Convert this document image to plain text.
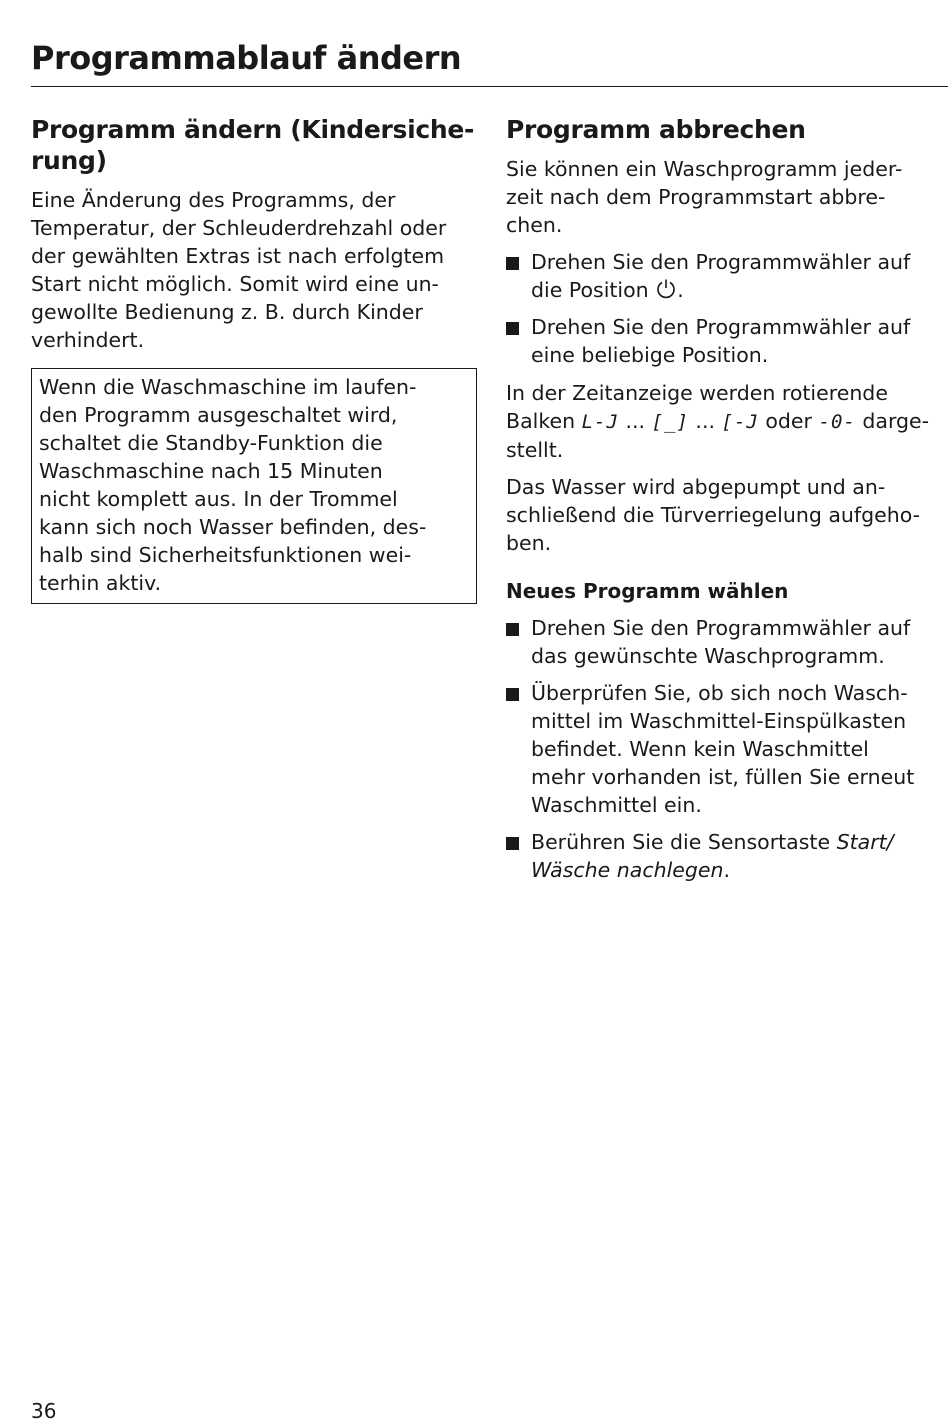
Programmablauf ändern
Programm ändern (Kindersiche-
rung)

Eine Änderung des Programms, der
Temperatur, der Schleuderdrehzahl oder
der gewählten Extras ist nach erfolgtem
Start nicht möglich. Somit wird eine un-
gewollte Bedienung z. B. durch Kinder
verhindert.

Wenn die Waschmaschine im laufen-
den Programm ausgeschaltet wird,
schaltet die Standby-Funktion die
Waschmaschine nach 15 Minuten
nicht komplett aus. In der Trommel
kann sich noch Wasser befinden, des-
halb sind Sicherheitsfunktionen wei-
terhin aktiv.

Programm abbrechen

Sie können ein Waschprogramm jeder-
zeit nach dem Programmstart abbre-
chen.

Drehen Sie den Programmwähler auf
die Position .
Drehen Sie den Programmwähler auf
eine beliebige Position.

In der Zeitanzeige werden rotierende
Balken L-J ... [_] ... [-J oder -0- darge-
stellt.

Das Wasser wird abgepumpt und an-
schließend die Türverriegelung aufgeho-
ben.

Neues Programm wählen
Drehen Sie den Programmwähler auf
das gewünschte Waschprogramm.
Überprüfen Sie, ob sich noch Wasch-
mittel im Waschmittel-Einspülkasten
befindet. Wenn kein Waschmittel
mehr vorhanden ist, füllen Sie erneut
Waschmittel ein.
Berühren Sie die Sensortaste Start/
Wäsche nachlegen.
36
